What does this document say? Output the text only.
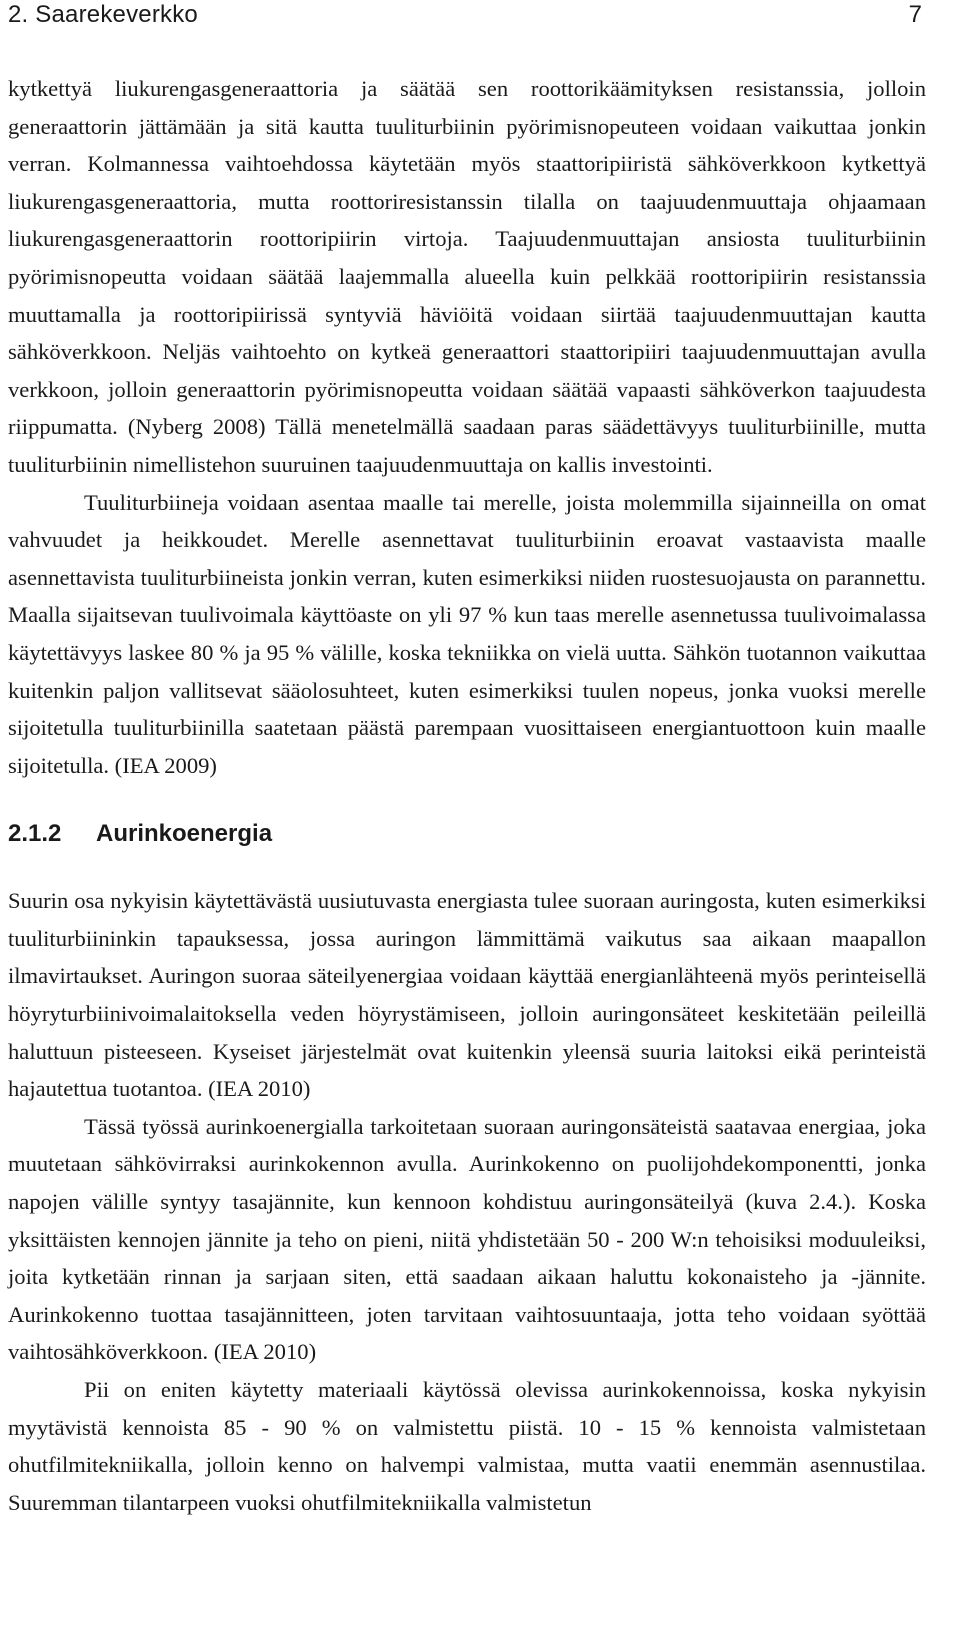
2. Saarekeverkko	7

kytkettyä liukurengasgeneraattoria ja säätää sen roottorikäämityksen resistanssia, jolloin generaattorin jättämään ja sitä kautta tuuliturbiinin pyörimisnopeuteen voidaan vaikuttaa jonkin verran. Kolmannessa vaihtoehdossa käytetään myös staattoripiiristä sähköverkkoon kytkettyä liukurengasgeneraattoria, mutta roottoriresistanssin tilalla on taajuudenmuuttaja ohjaamaan liukurengasgeneraattorin roottoripiirin virtoja. Taajuudenmuuttajan ansiosta tuuliturbiinin pyörimisnopeutta voidaan säätää laajemmalla alueella kuin pelkkää roottoripiirin resistanssia muuttamalla ja roottoripiirissä syntyviä häviöitä voidaan siirtää taajuudenmuuttajan kautta sähköverkkoon. Neljäs vaihtoehto on kytkeä generaattori staattoripiiri taajuudenmuuttajan avulla verkkoon, jolloin generaattorin pyörimisnopeutta voidaan säätää vapaasti sähköverkon taajuudesta riippumatta. (Nyberg 2008) Tällä menetelmällä saadaan paras säädettävyys tuuliturbiinille, mutta tuuliturbiinin nimellistehon suuruinen taajuudenmuuttaja on kallis investointi.

Tuuliturbiineja voidaan asentaa maalle tai merelle, joista molemmilla sijainneilla on omat vahvuudet ja heikkoudet. Merelle asennettavat tuuliturbiinin eroavat vastaavista maalle asennettavista tuuliturbiineista jonkin verran, kuten esimerkiksi niiden ruostesuojausta on parannettu. Maalla sijaitsevan tuulivoimala käyttöaste on yli 97 % kun taas merelle asennetussa tuulivoimalassa käytettävyys laskee 80 % ja 95 % välille, koska tekniikka on vielä uutta. Sähkön tuotannon vaikuttaa kuitenkin paljon vallitsevat sääolosuhteet, kuten esimerkiksi tuulen nopeus, jonka vuoksi merelle sijoitetulla tuuliturbiinilla saatetaan päästä parempaan vuosittaiseen energiantuottoon kuin maalle sijoitetulla. (IEA 2009)

2.1.2	Aurinkoenergia

Suurin osa nykyisin käytettävästä uusiutuvasta energiasta tulee suoraan auringosta, kuten esimerkiksi tuuliturbiininkin tapauksessa, jossa auringon lämmittämä vaikutus saa aikaan maapallon ilmavirtaukset. Auringon suoraa säteilyenergiaa voidaan käyttää energianlähteenä myös perinteisellä höyryturbiinivoimalaitoksella veden höyrystämiseen, jolloin auringonsäteet keskitetään peileillä haluttuun pisteeseen. Kyseiset järjestelmät ovat kuitenkin yleensä suuria laitoksi eikä perinteistä hajautettua tuotantoa. (IEA 2010)

Tässä työssä aurinkoenergialla tarkoitetaan suoraan auringonsäteistä saatavaa energiaa, joka muutetaan sähkövirraksi aurinkokennon avulla. Aurinkokenno on puolijohdekomponentti, jonka napojen välille syntyy tasajännite, kun kennoon kohdistuu auringonsäteilyä (kuva 2.4.). Koska yksittäisten kennojen jännite ja teho on pieni, niitä yhdistetään 50 - 200 W:n tehoisiksi moduuleiksi, joita kytketään rinnan ja sarjaan siten, että saadaan aikaan haluttu kokonaisteho ja -jännite. Aurinkokenno tuottaa tasajännitteen, joten tarvitaan vaihtosuuntaaja, jotta teho voidaan syöttää vaihtosähköverkkoon. (IEA 2010)

Pii on eniten käytetty materiaali käytössä olevissa aurinkokennoissa, koska nykyisin myytävistä kennoista 85 - 90 % on valmistettu piistä. 10 - 15 % kennoista valmistetaan ohutfilmitekniikalla, jolloin kenno on halvempi valmistaa, mutta vaatii enemmän asennustilaa. Suuremman tilantarpeen vuoksi ohutfilmitekniikalla valmistetun
